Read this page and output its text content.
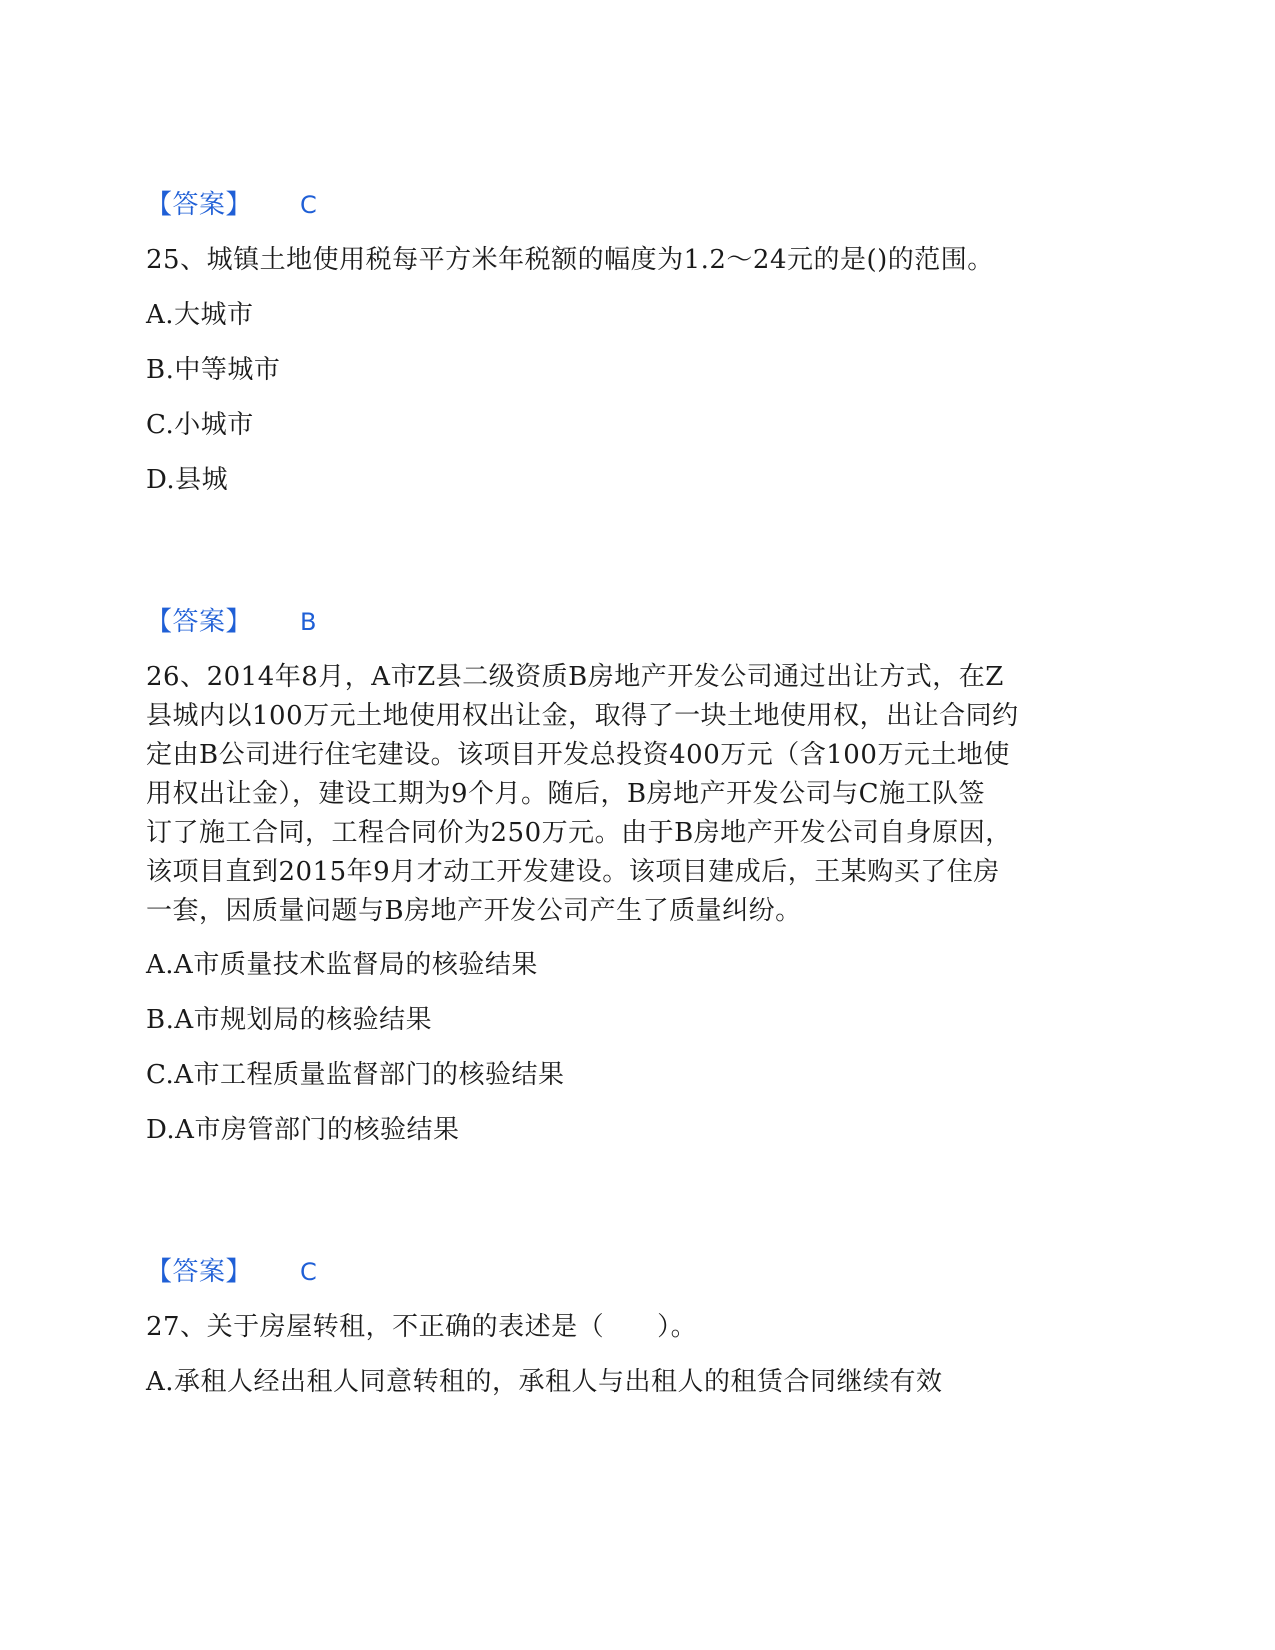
【答案】 C
25、城镇土地使用税每平方米年税额的幅度为1.2～24元的是()的范围。
A.大城市
B.中等城市
C.小城市
D.县城
【答案】 B
26、2014年8月，A市Z县二级资质B房地产开发公司通过出让方式，在Z
县城内以100万元土地使用权出让金，取得了一块土地使用权，出让合同约
定由B公司进行住宅建设。该项目开发总投资400万元（含100万元土地使
用权出让金），建设工期为9个月。随后，B房地产开发公司与C施工队签
订了施工合同，工程合同价为250万元。由于B房地产开发公司自身原因，
该项目直到2015年9月才动工开发建设。该项目建成后，王某购买了住房
一套，因质量问题与B房地产开发公司产生了质量纠纷。
A.A市质量技术监督局的核验结果
B.A市规划局的核验结果
C.A市工程质量监督部门的核验结果
D.A市房管部门的核验结果
【答案】 C
27、关于房屋转租，不正确的表述是（　　）。
A.承租人经出租人同意转租的，承租人与出租人的租赁合同继续有效
